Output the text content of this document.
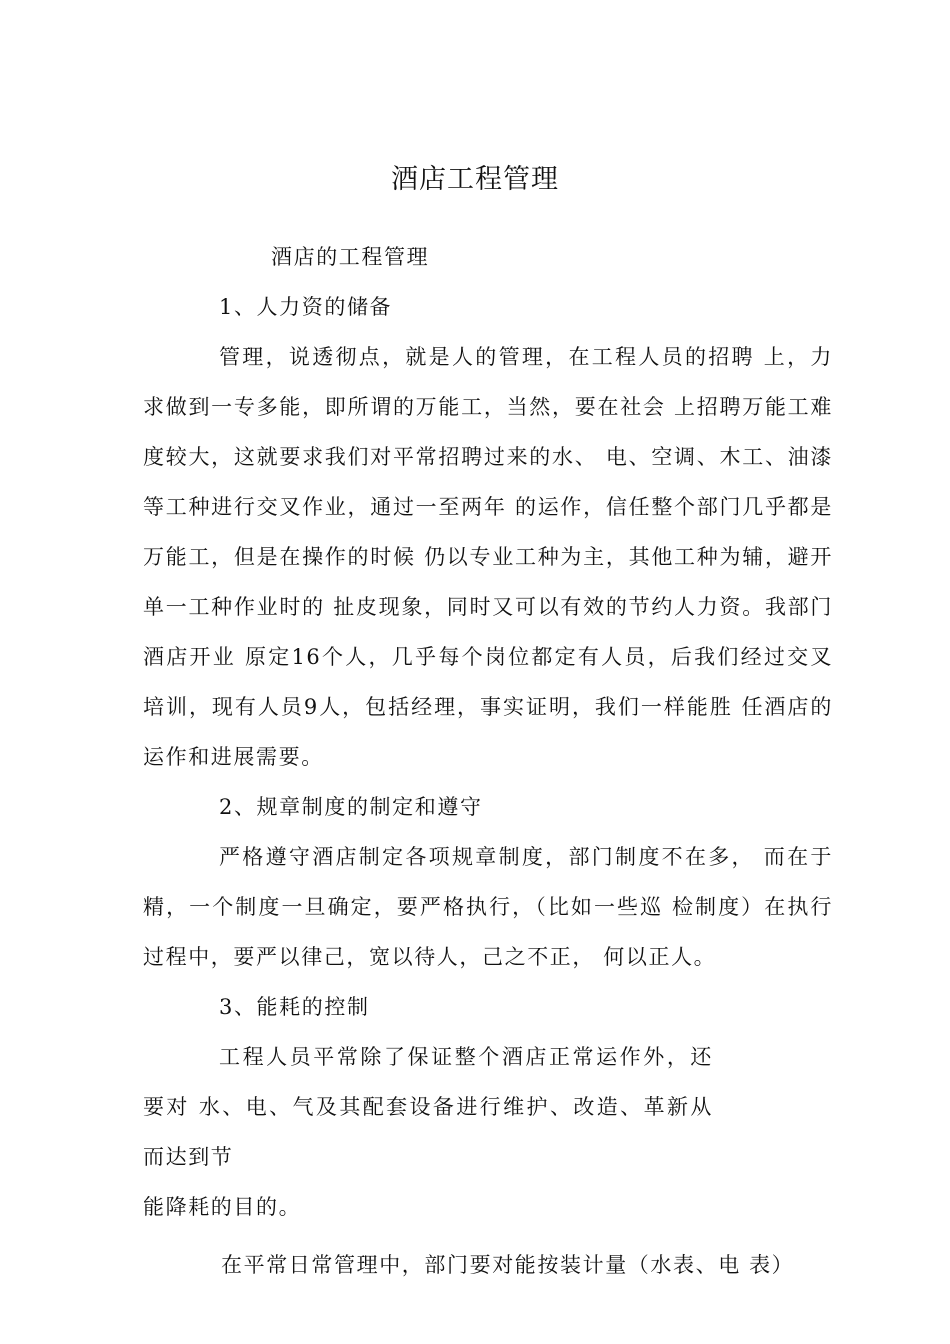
酒店工程管理

酒店的工程管理

1、人力资的储备

管理，说透彻点，就是人的管理，在工程人员的招聘 上，力求做到一专多能，即所谓的万能工，当然，要在社会 上招聘万能工难度较大，这就要求我们对平常招聘过来的水、 电、空调、木工、油漆等工种进行交叉作业，通过一至两年 的运作，信任整个部门几乎都是万能工，但是在操作的时候 仍以专业工种为主，其他工种为辅，避开单一工种作业时的 扯皮现象，同时又可以有效的节约人力资。我部门酒店开业 原定16个人，几乎每个岗位都定有人员，后我们经过交叉 培训，现有人员9人，包括经理，事实证明，我们一样能胜 任酒店的运作和进展需要。

2、规章制度的制定和遵守

严格遵守酒店制定各项规章制度，部门制度不在多， 而在于精，一个制度一旦确定，要严格执行，（比如一些巡 检制度）在执行过程中，要严以律己，宽以待人，己之不正， 何以正人。

3、能耗的控制

工程人员平常除了保证整个酒店正常运作外，还要对 水、电、气及其配套设备进行维护、改造、革新从而达到节

能降耗的目的。

在平常日常管理中，部门要对能按装计量（水表、电 表）
